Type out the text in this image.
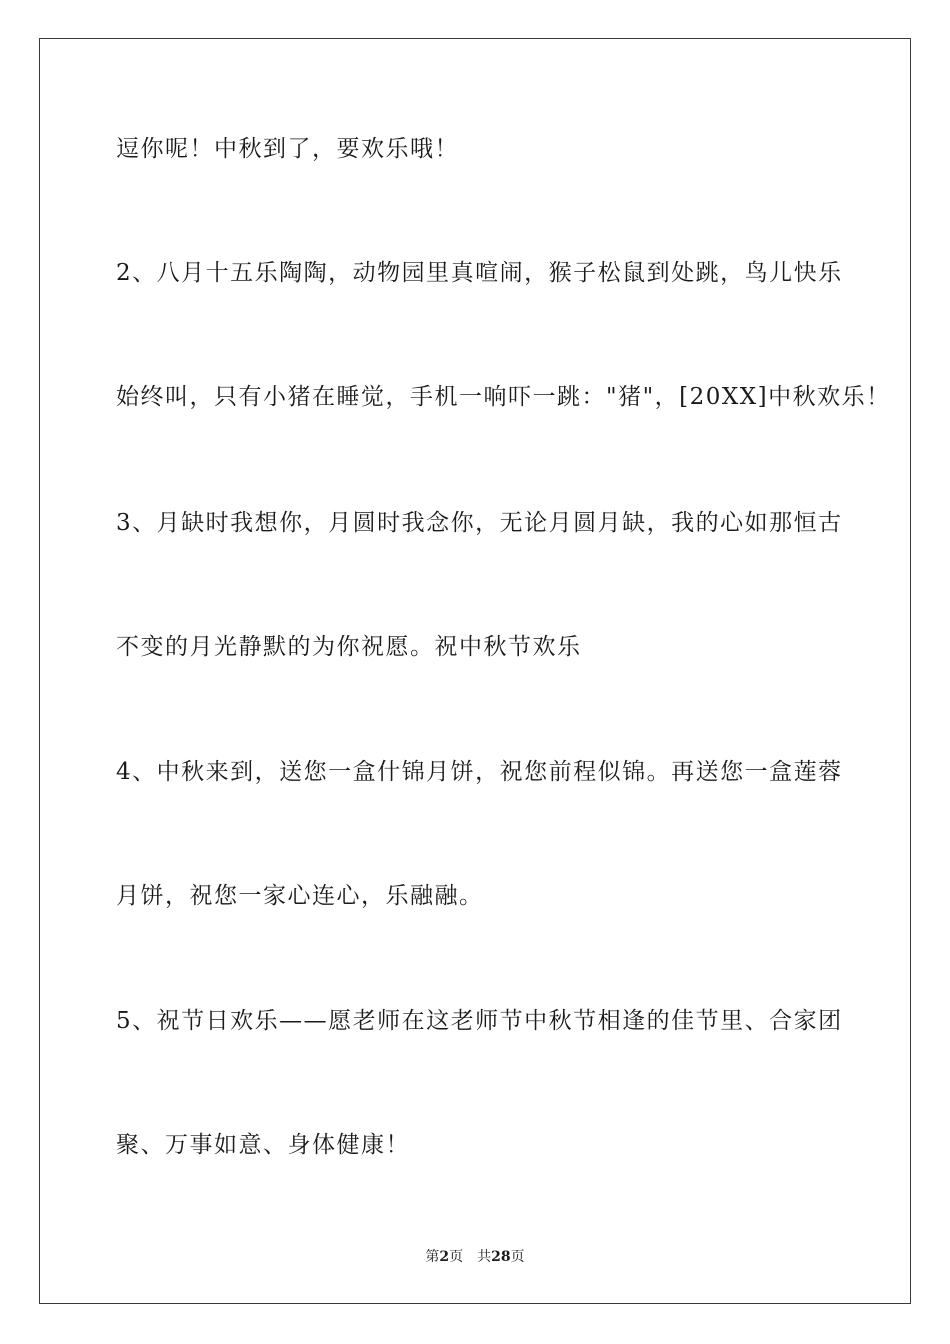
逗你呢！中秋到了，要欢乐哦！

2、八月十五乐陶陶，动物园里真喧闹，猴子松鼠到处跳，鸟儿快乐

始终叫，只有小猪在睡觉，手机一响吓一跳："猪"，[20XX]中秋欢乐！

3、月缺时我想你，月圆时我念你，无论月圆月缺，我的心如那恒古

不变的月光静默的为你祝愿。祝中秋节欢乐

4、中秋来到，送您一盒什锦月饼，祝您前程似锦。再送您一盒莲蓉

月饼，祝您一家心连心，乐融融。

5、祝节日欢乐——愿老师在这老师节中秋节相逢的佳节里、合家团

聚、万事如意、身体健康！

第2页 共28页
